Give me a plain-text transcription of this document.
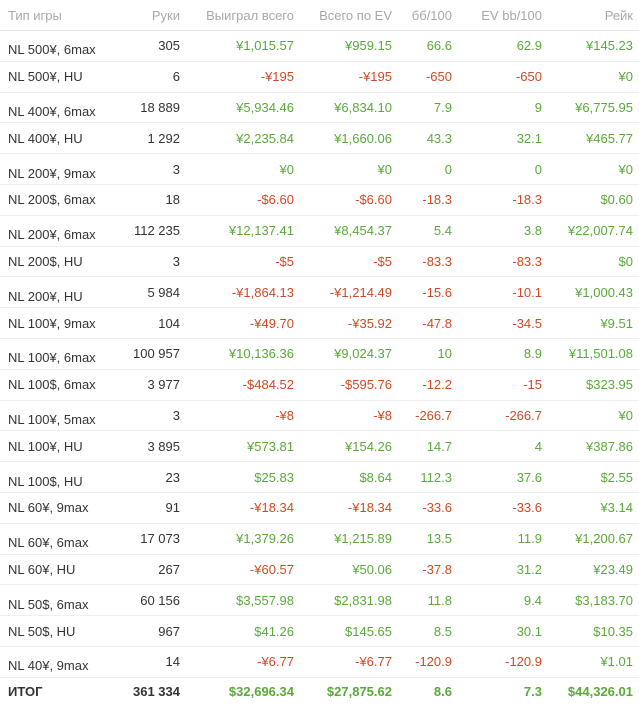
Тип игры	Руки	Выиграл всего	Всего по EV	бб/100	EV bb/100	Рейк
NL 500¥, 6max	305	¥1,015.57	¥959.15	66.6	62.9	¥145.23
NL 500¥, HU	6	-¥195	-¥195	-650	-650	¥0
NL 400¥, 6max	18 889	¥5,934.46	¥6,834.10	7.9	9	¥6,775.95
NL 400¥, HU	1 292	¥2,235.84	¥1,660.06	43.3	32.1	¥465.77
NL 200¥, 9max	3	¥0	¥0	0	0	¥0
NL 200$, 6max	18	-$6.60	-$6.60	-18.3	-18.3	$0.60
NL 200¥, 6max	112 235	¥12,137.41	¥8,454.37	5.4	3.8	¥22,007.74
NL 200$, HU	3	-$5	-$5	-83.3	-83.3	$0
NL 200¥, HU	5 984	-¥1,864.13	-¥1,214.49	-15.6	-10.1	¥1,000.43
NL 100¥, 9max	104	-¥49.70	-¥35.92	-47.8	-34.5	¥9.51
NL 100¥, 6max	100 957	¥10,136.36	¥9,024.37	10	8.9	¥11,501.08
NL 100$, 6max	3 977	-$484.52	-$595.76	-12.2	-15	$323.95
NL 100¥, 5max	3	-¥8	-¥8	-266.7	-266.7	¥0
NL 100¥, HU	3 895	¥573.81	¥154.26	14.7	4	¥387.86
NL 100$, HU	23	$25.83	$8.64	112.3	37.6	$2.55
NL 60¥, 9max	91	-¥18.34	-¥18.34	-33.6	-33.6	¥3.14
NL 60¥, 6max	17 073	¥1,379.26	¥1,215.89	13.5	11.9	¥1,200.67
NL 60¥, HU	267	-¥60.57	¥50.06	-37.8	31.2	¥23.49
NL 50$, 6max	60 156	$3,557.98	$2,831.98	11.8	9.4	$3,183.70
NL 50$, HU	967	$41.26	$145.65	8.5	30.1	$10.35
NL 40¥, 9max	14	-¥6.77	-¥6.77	-120.9	-120.9	¥1.01
ИТОГ	361 334	$32,696.34	$27,875.62	8.6	7.3	$44,326.01
